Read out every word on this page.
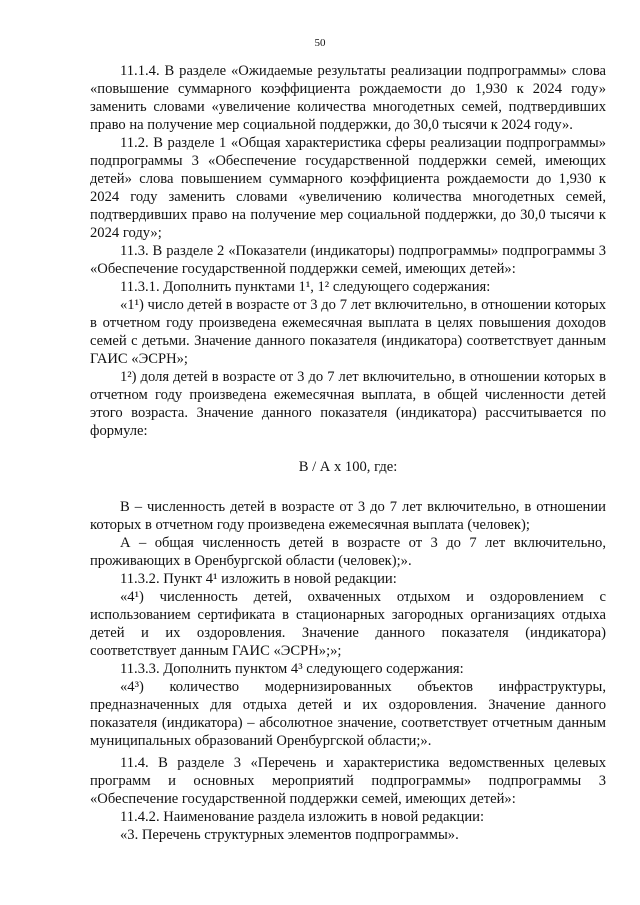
50

11.1.4. В разделе «Ожидаемые результаты реализации подпрограммы» слова «повышение суммарного коэффициента рождаемости до 1,930 к 2024 году» заменить словами «увеличение количества многодетных семей, подтвердивших право на получение мер социальной поддержки, до 30,0 тысячи к 2024 году».

11.2. В разделе 1 «Общая характеристика сферы реализации подпрограммы» подпрограммы 3 «Обеспечение государственной поддержки семей, имеющих детей» слова повышением суммарного коэффициента рождаемости до 1,930 к 2024 году заменить словами «увеличению количества многодетных семей, подтвердивших право на получение мер социальной поддержки, до 30,0 тысячи к 2024 году»;

11.3. В разделе 2 «Показатели (индикаторы) подпрограммы» подпрограммы 3 «Обеспечение государственной поддержки семей, имеющих детей»:

11.3.1. Дополнить пунктами 1¹, 1² следующего содержания:

«1¹) число детей в возрасте от 3 до 7 лет включительно, в отношении которых в отчетном году произведена ежемесячная выплата в целях повышения доходов семей с детьми. Значение данного показателя (индикатора) соответствует данным ГАИС «ЭСРН»;

1²) доля детей в возрасте от 3 до 7 лет включительно, в отношении которых в отчетном году произведена ежемесячная выплата, в общей численности детей этого возраста. Значение данного показателя (индикатора) рассчитывается по формуле:

В / А х 100, где:

В – численность детей в возрасте от 3 до 7 лет включительно, в отношении которых в отчетном году произведена ежемесячная выплата (человек);

А – общая численность детей в возрасте от 3 до 7 лет включительно, проживающих в Оренбургской области (человек);».

11.3.2. Пункт 4¹ изложить в новой редакции:

«4¹) численность детей, охваченных отдыхом и оздоровлением с использованием сертификата в стационарных загородных организациях отдыха детей и их оздоровления. Значение данного показателя (индикатора) соответствует данным ГАИС «ЭСРН»;»;

11.3.3. Дополнить пунктом 4³ следующего содержания:

«4³) количество модернизированных объектов инфраструктуры, предназначенных для отдыха детей и их оздоровления. Значение данного показателя (индикатора) – абсолютное значение, соответствует отчетным данным муниципальных образований Оренбургской области;».

11.4. В разделе 3 «Перечень и характеристика ведомственных целевых программ и основных мероприятий подпрограммы» подпрограммы 3 «Обеспечение государственной поддержки семей, имеющих детей»:

11.4.2. Наименование раздела изложить в новой редакции:

«3. Перечень структурных элементов подпрограммы».
